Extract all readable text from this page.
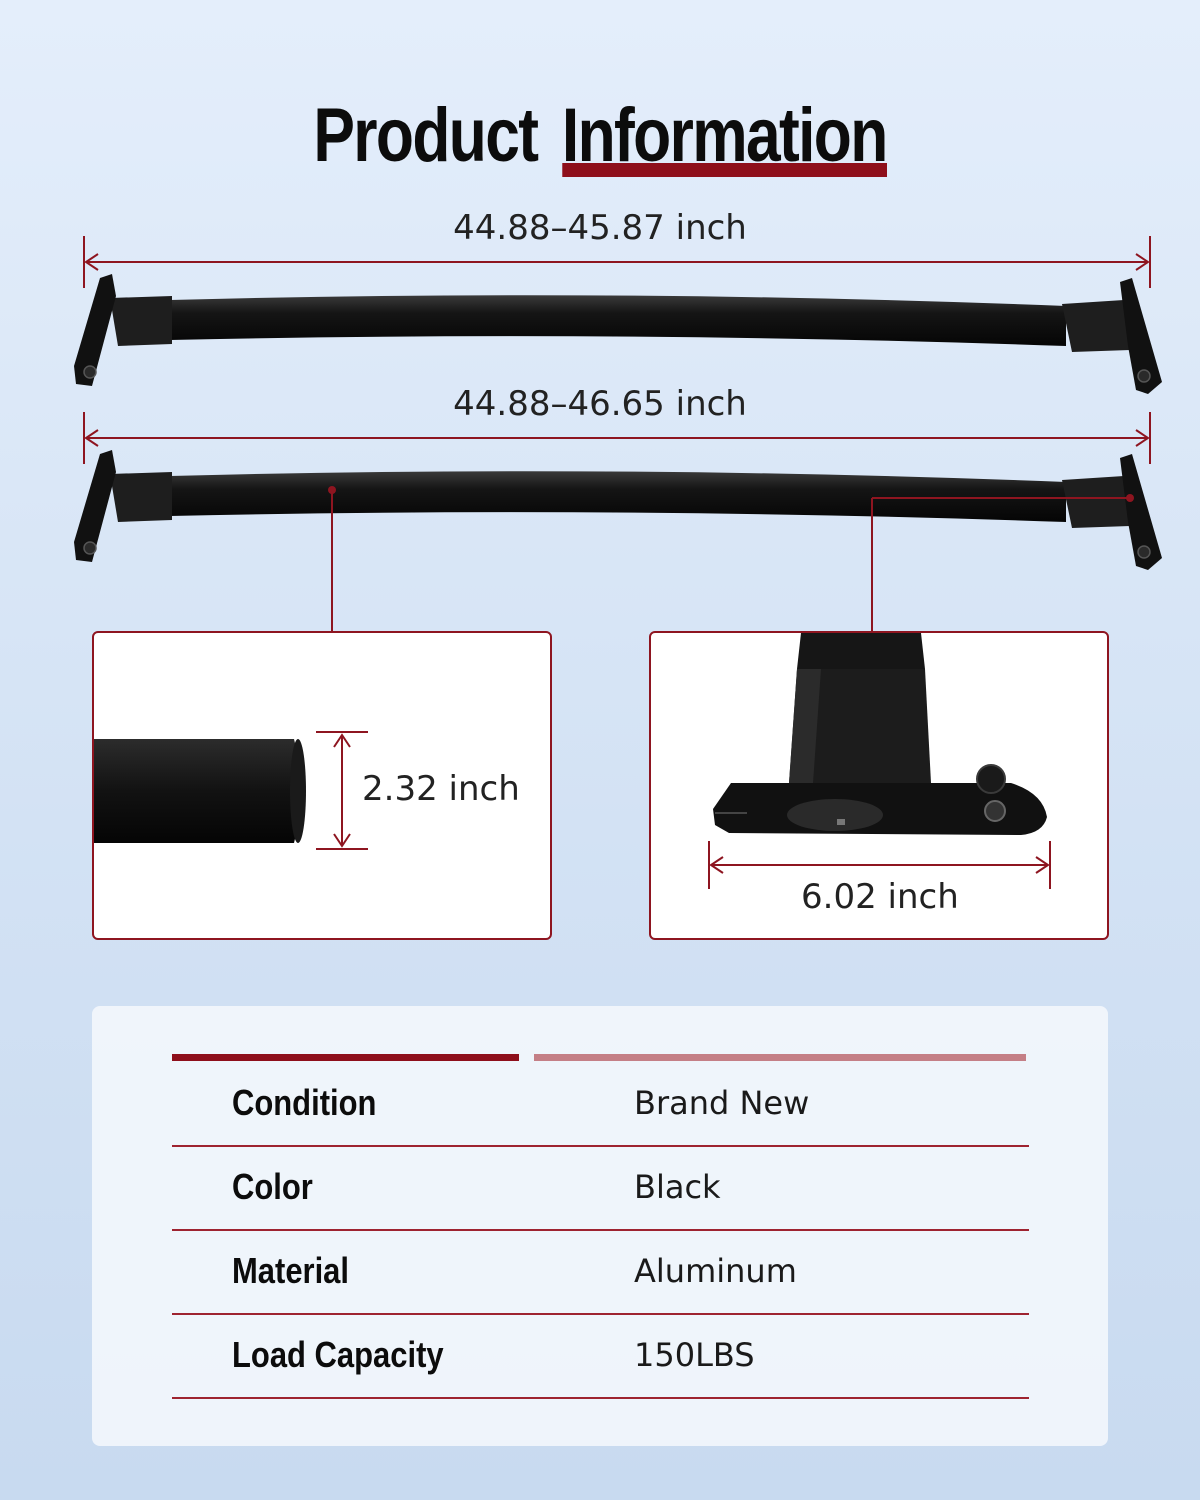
Product Information
44.88–45.87 inch
44.88–46.65 inch
2.32 inch
6.02 inch
Condition	Brand New
Color	Black
Material	Aluminum
Load Capacity	150LBS
